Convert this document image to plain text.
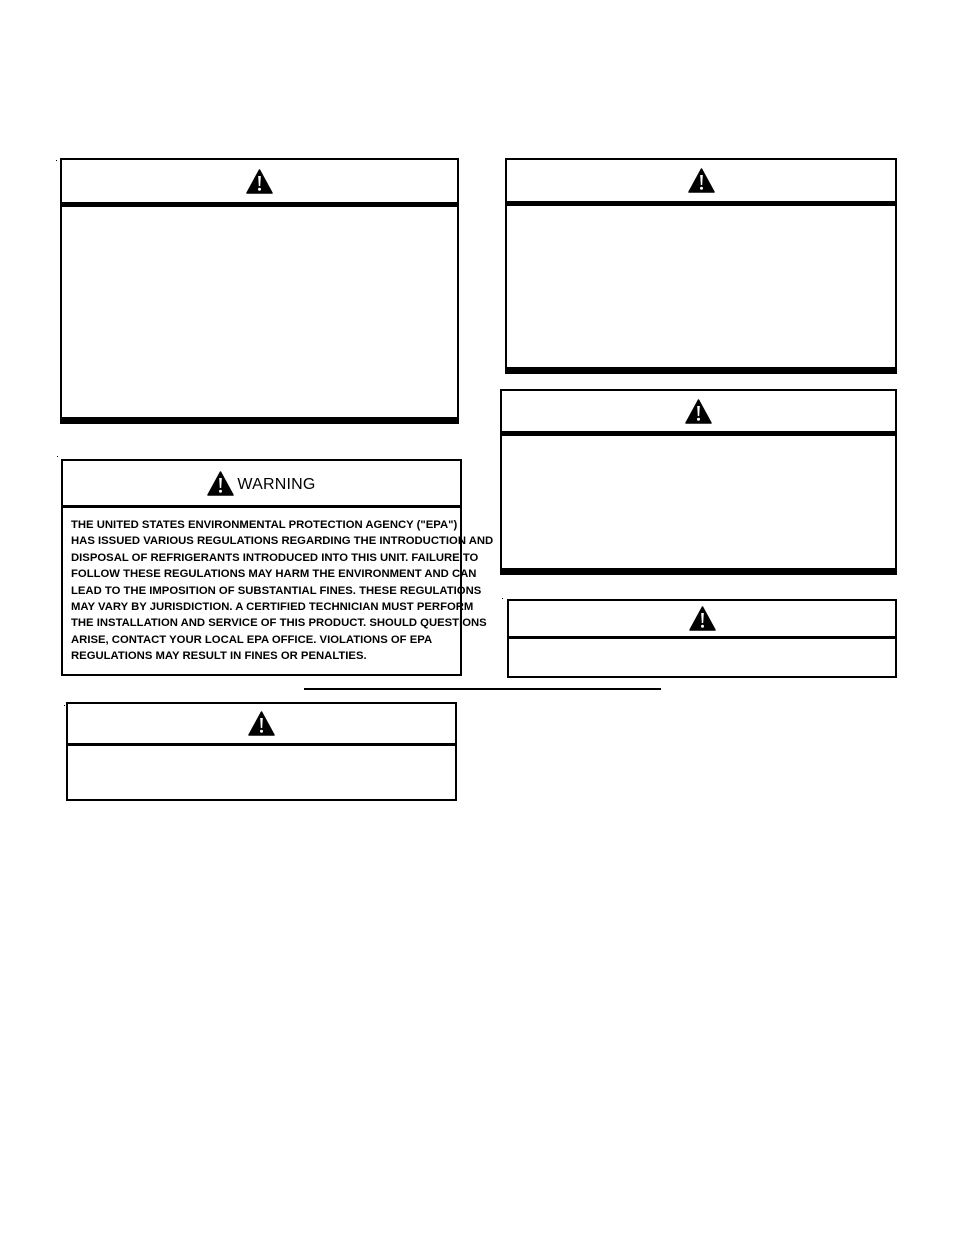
WARNING
THE UNITED STATES ENVIRONMENTAL PROTECTION AGENCY ("EPA")
HAS ISSUED VARIOUS REGULATIONS REGARDING THE INTRODUCTION AND
DISPOSAL OF REFRIGERANTS INTRODUCED INTO THIS UNIT. FAILURE TO
FOLLOW THESE REGULATIONS MAY HARM THE ENVIRONMENT AND CAN
LEAD TO THE IMPOSITION OF SUBSTANTIAL FINES. THESE REGULATIONS
MAY VARY BY JURISDICTION. A CERTIFIED TECHNICIAN MUST PERFORM
THE INSTALLATION AND SERVICE OF THIS PRODUCT. SHOULD QUESTIONS
ARISE, CONTACT YOUR LOCAL EPA OFFICE. VIOLATIONS OF EPA
REGULATIONS MAY RESULT IN FINES OR PENALTIES.
